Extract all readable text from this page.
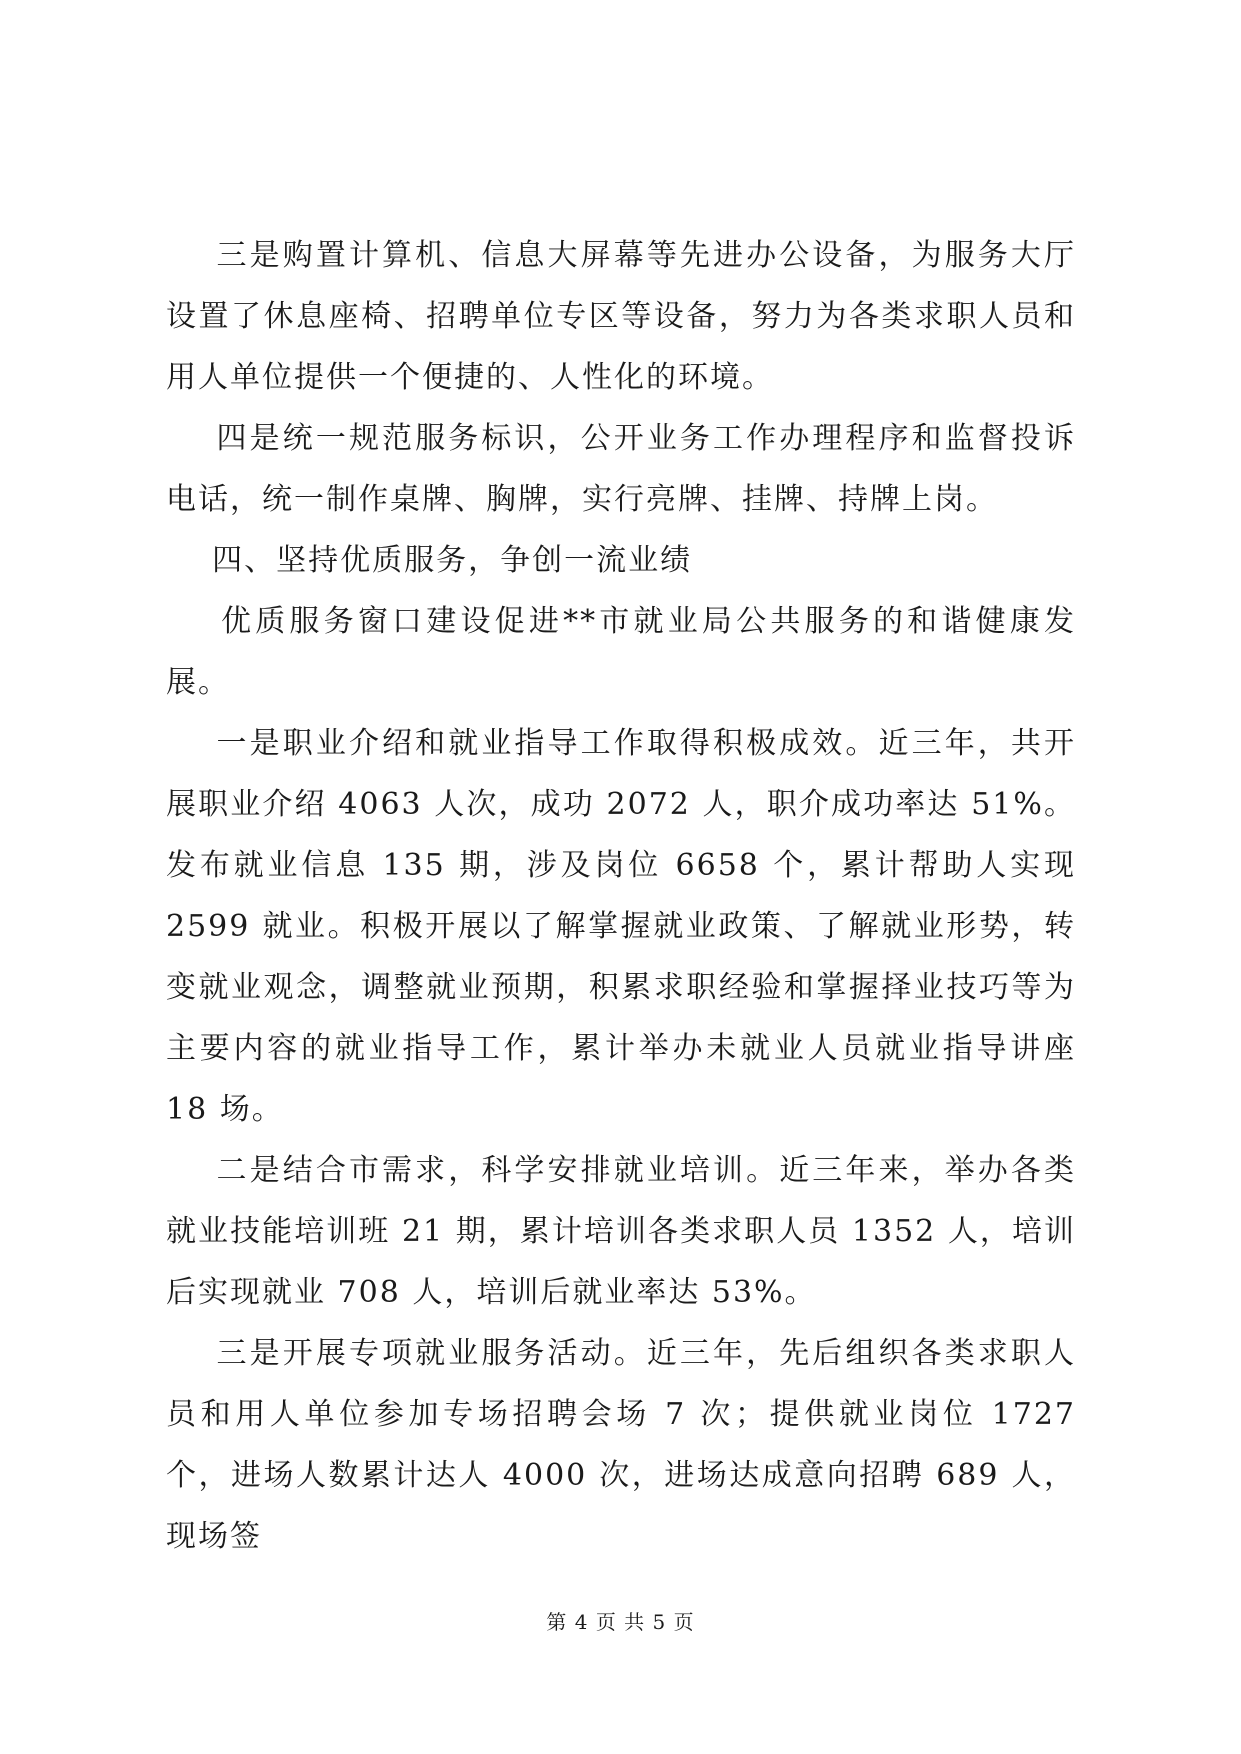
三是购置计算机、信息大屏幕等先进办公设备，为服务大厅设置了休息座椅、招聘单位专区等设备，努力为各类求职人员和用人单位提供一个便捷的、人性化的环境。

四是统一规范服务标识，公开业务工作办理程序和监督投诉电话，统一制作桌牌、胸牌，实行亮牌、挂牌、持牌上岗。

四、坚持优质服务，争创一流业绩

优质服务窗口建设促进**市就业局公共服务的和谐健康发展。

一是职业介绍和就业指导工作取得积极成效。近三年，共开展职业介绍 4063 人次，成功 2072 人，职介成功率达 51%。发布就业信息 135 期，涉及岗位 6658 个，累计帮助人实现 2599 就业。积极开展以了解掌握就业政策、了解就业形势，转变就业观念，调整就业预期，积累求职经验和掌握择业技巧等为主要内容的就业指导工作，累计举办未就业人员就业指导讲座 18 场。

二是结合市需求，科学安排就业培训。近三年来，举办各类就业技能培训班 21 期，累计培训各类求职人员 1352 人，培训后实现就业 708 人，培训后就业率达 53%。

三是开展专项就业服务活动。近三年，先后组织各类求职人员和用人单位参加专场招聘会场 7 次；提供就业岗位 1727 个，进场人数累计达人 4000 次，进场达成意向招聘 689 人，现场签

第 4 页 共 5 页
